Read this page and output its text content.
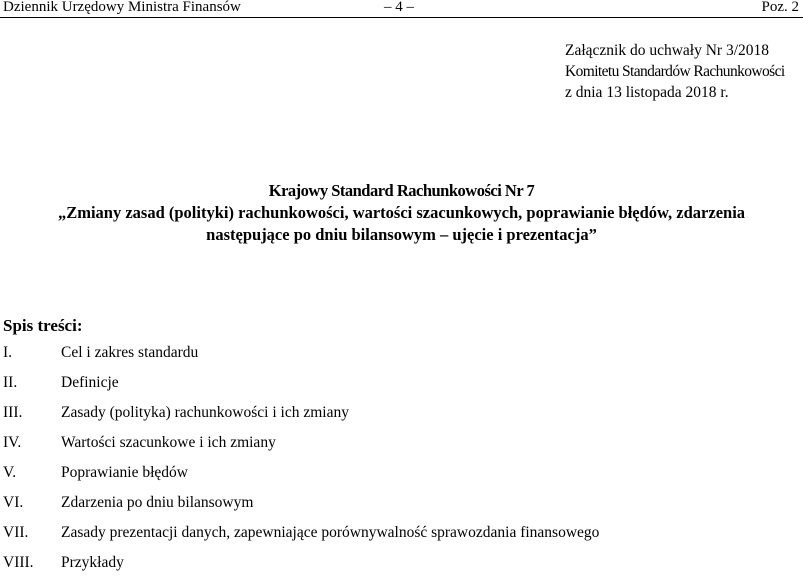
Dziennik Urzędowy Ministra Finansów	– 4 –	Poz. 2
Załącznik do uchwały Nr 3/2018
Komitetu Standardów Rachunkowości
z dnia 13 listopada 2018 r.
Krajowy Standard Rachunkowości Nr 7
„Zmiany zasad (polityki) rachunkowości, wartości szacunkowych, poprawianie błędów, zdarzenia
następujące po dniu bilansowym – ujęcie i prezentacja”
Spis treści:
I.	Cel i zakres standardu
II.	Definicje
III. Zasady (polityka) rachunkowości i ich zmiany
IV.	Wartości szacunkowe i ich zmiany
V.	Poprawianie błędów
VI. Zdarzenia po dniu bilansowym
VII. Zasady prezentacji danych, zapewniające porównywalność sprawozdania finansowego
VIII. Przykłady
